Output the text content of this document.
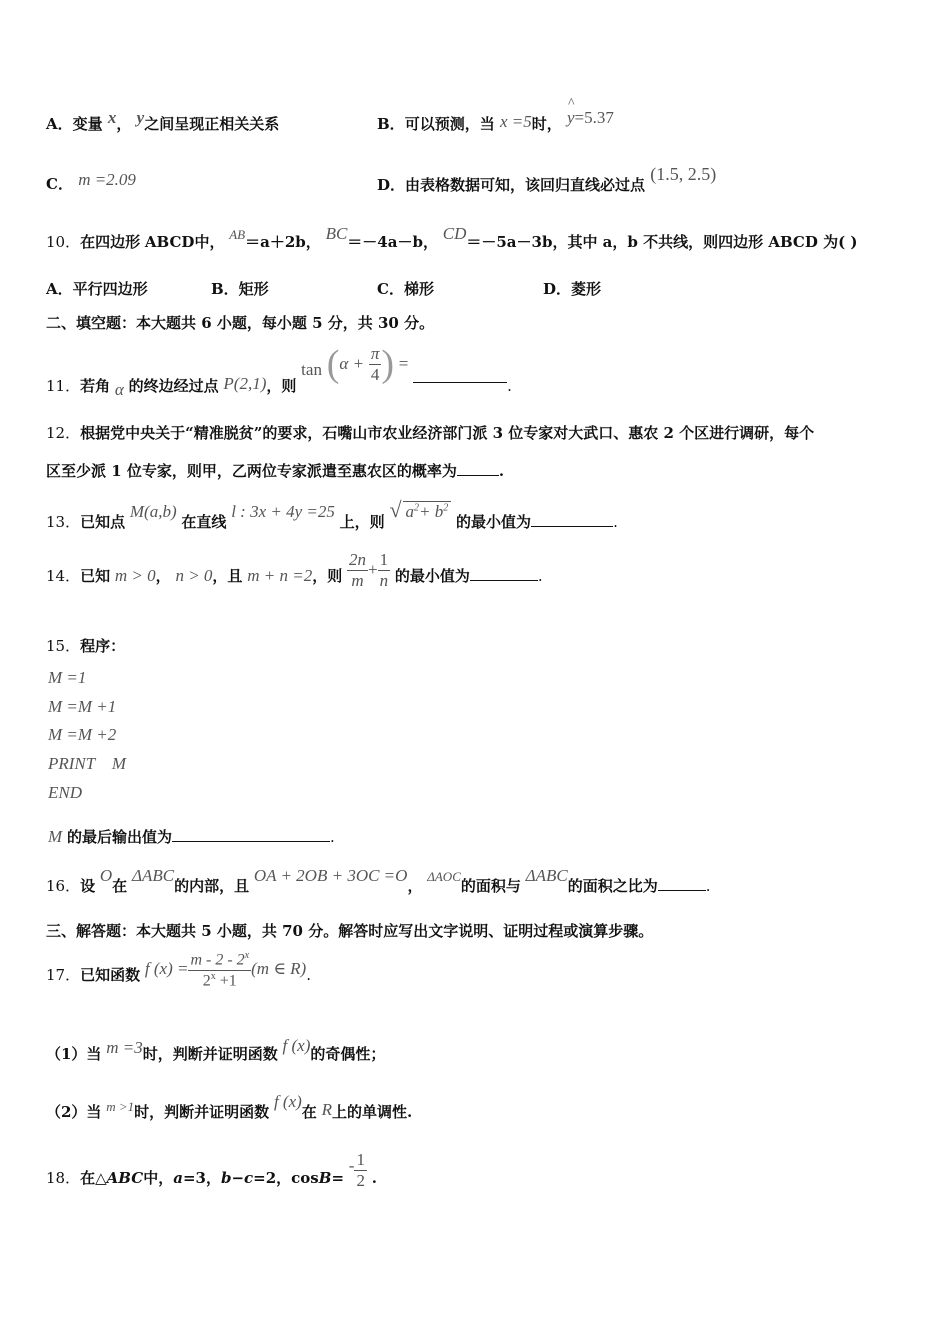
A．变量 x， y之间呈现正相关关系	B．可以预测，当 x =5时， ^ y=5.37
C． m =2.09	D．由表格数据可知，该回归直线必过点 (1.5, 2.5)
10．在四边形 ABCD中， AB＝a＋2b， BC＝－4a－b， CD＝－5a－3b，其中 a，b 不共线，则四边形 ABCD 为( )
A．平行四边形	B．矩形	C．梯形	D．菱形
二、填空题：本大题共 6 小题，每小题 5 分，共 30 分。
11．若角 α 的终边经过点 P(2,1)，则 $\tan (\alpha + \frac{\pi}{4}$ ) = .
12．根据党中央关于“精准脱贫”的要求，石嘴山市农业经济部门派 3 位专家对大武口、惠农 2 个区进行调研，每个
区至少派 1 位专家，则甲，乙两位专家派遣至惠农区的概率为	.
13．已知点 M(a,b) 在直线 l : 3x + 4y =25 上，则 √ $a^2+ b^2$ 的最小值为	.
14．已知 m > 0， n > 0，且 m + n =2，则 $\frac{2n}{m} + \frac{1}{n}$ 的最小值为	.
15．程序：
M =1
M =M +1
M =M +2
PRINT    M
END
M 的最后输出值为	.
16．设 O在 ΔABC的内部，且 OA + 2OB + 3OC =O， ΔAOC的面积与 ΔABC的面积之比为	.
三、解答题：本大题共 5 小题，共 70 分。解答时应写出文字说明、证明过程或演算步骤。
17．已知函数 f $(x) = \frac{m - 2 - 2^x}{2^x +1} (m$ ∈ R).
（1）当 m =3时，判断并证明函数 f (x)的奇偶性；
（2）当 m >1时，判断并证明函数 f (x)在 R上的单调性.
18．在△ABC中，a=3，b−c=2，$\cos B= - \frac{1}{2}$ .
